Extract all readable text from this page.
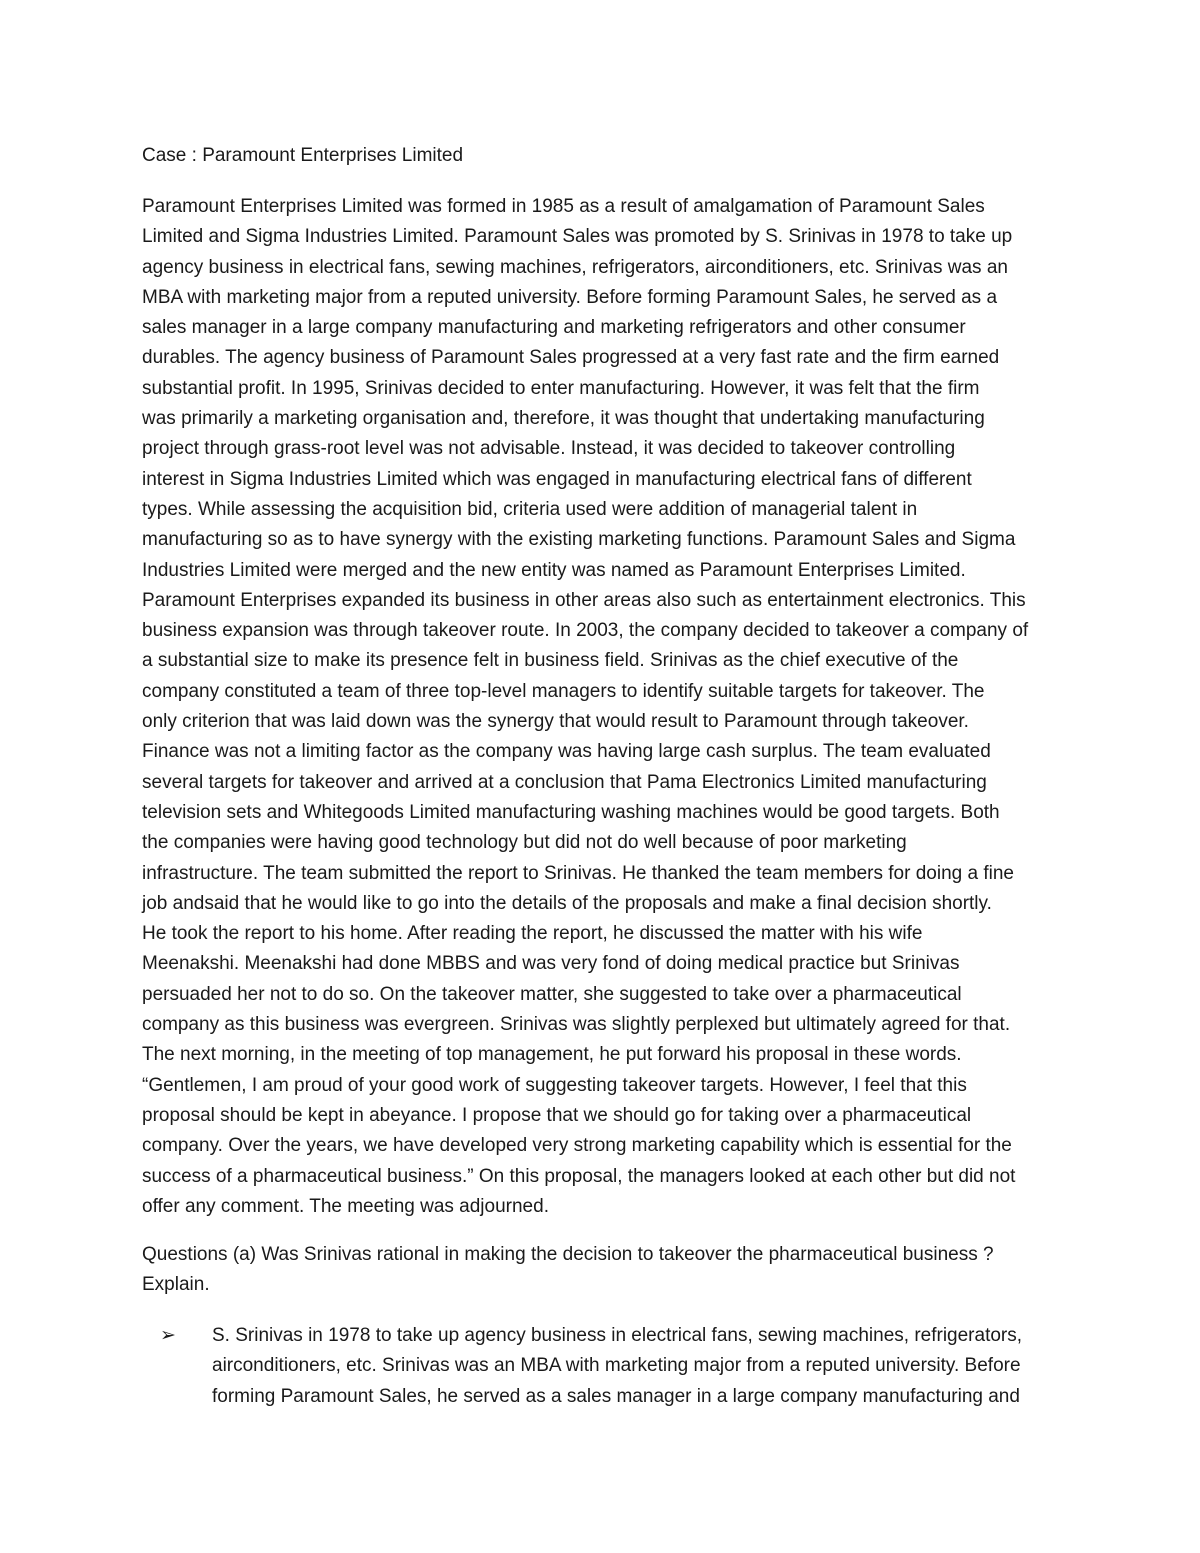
Case : Paramount Enterprises Limited
Paramount Enterprises Limited was formed in 1985 as a result of amalgamation of Paramount Sales
Limited and Sigma Industries Limited. Paramount Sales was promoted by S. Srinivas in 1978 to take up
agency business in electrical fans, sewing machines, refrigerators, airconditioners, etc. Srinivas was an
MBA with marketing major from a reputed university. Before forming Paramount Sales, he served as a
sales manager in a large company manufacturing and marketing refrigerators and other consumer
durables. The agency business of Paramount Sales progressed at a very fast rate and the firm earned
substantial profit. In 1995, Srinivas decided to enter manufacturing. However, it was felt that the firm
was primarily a marketing organisation and, therefore, it was thought that undertaking manufacturing
project through grass-root level was not advisable. Instead, it was decided to takeover controlling
interest in Sigma Industries Limited which was engaged in manufacturing electrical fans of different
types. While assessing the acquisition bid, criteria used were addition of managerial talent in
manufacturing so as to have synergy with the existing marketing functions. Paramount Sales and Sigma
Industries Limited were merged and the new entity was named as Paramount Enterprises Limited.
Paramount Enterprises expanded its business in other areas also such as entertainment electronics. This
business expansion was through takeover route. In 2003, the company decided to takeover a company of
a substantial size to make its presence felt in business field. Srinivas as the chief executive of the
company constituted a team of three top-level managers to identify suitable targets for takeover. The
only criterion that was laid down was the synergy that would result to Paramount through takeover.
Finance was not a limiting factor as the company was having large cash surplus. The team evaluated
several targets for takeover and arrived at a conclusion that Pama Electronics Limited manufacturing
television sets and Whitegoods Limited manufacturing washing machines would be good targets. Both
the companies were having good technology but did not do well because of poor marketing
infrastructure. The team submitted the report to Srinivas. He thanked the team members for doing a fine
job andsaid that he would like to go into the details of the proposals and make a final decision shortly.
He took the report to his home. After reading the report, he discussed the matter with his wife
Meenakshi. Meenakshi had done MBBS and was very fond of doing medical practice but Srinivas
persuaded her not to do so. On the takeover matter, she suggested to take over a pharmaceutical
company as this business was evergreen. Srinivas was slightly perplexed but ultimately agreed for that.
The next morning, in the meeting of top management, he put forward his proposal in these words.
“Gentlemen, I am proud of your good work of suggesting takeover targets. However, I feel that this
proposal should be kept in abeyance. I propose that we should go for taking over a pharmaceutical
company. Over the years, we have developed very strong marketing capability which is essential for the
success of a pharmaceutical business.” On this proposal, the managers looked at each other but did not
offer any comment. The meeting was adjourned.
Questions (a) Was Srinivas rational in making the decision to takeover the pharmaceutical business ?
Explain.
➢ S. Srinivas in 1978 to take up agency business in electrical fans, sewing machines, refrigerators,
airconditioners, etc. Srinivas was an MBA with marketing major from a reputed university. Before
forming Paramount Sales, he served as a sales manager in a large company manufacturing and
